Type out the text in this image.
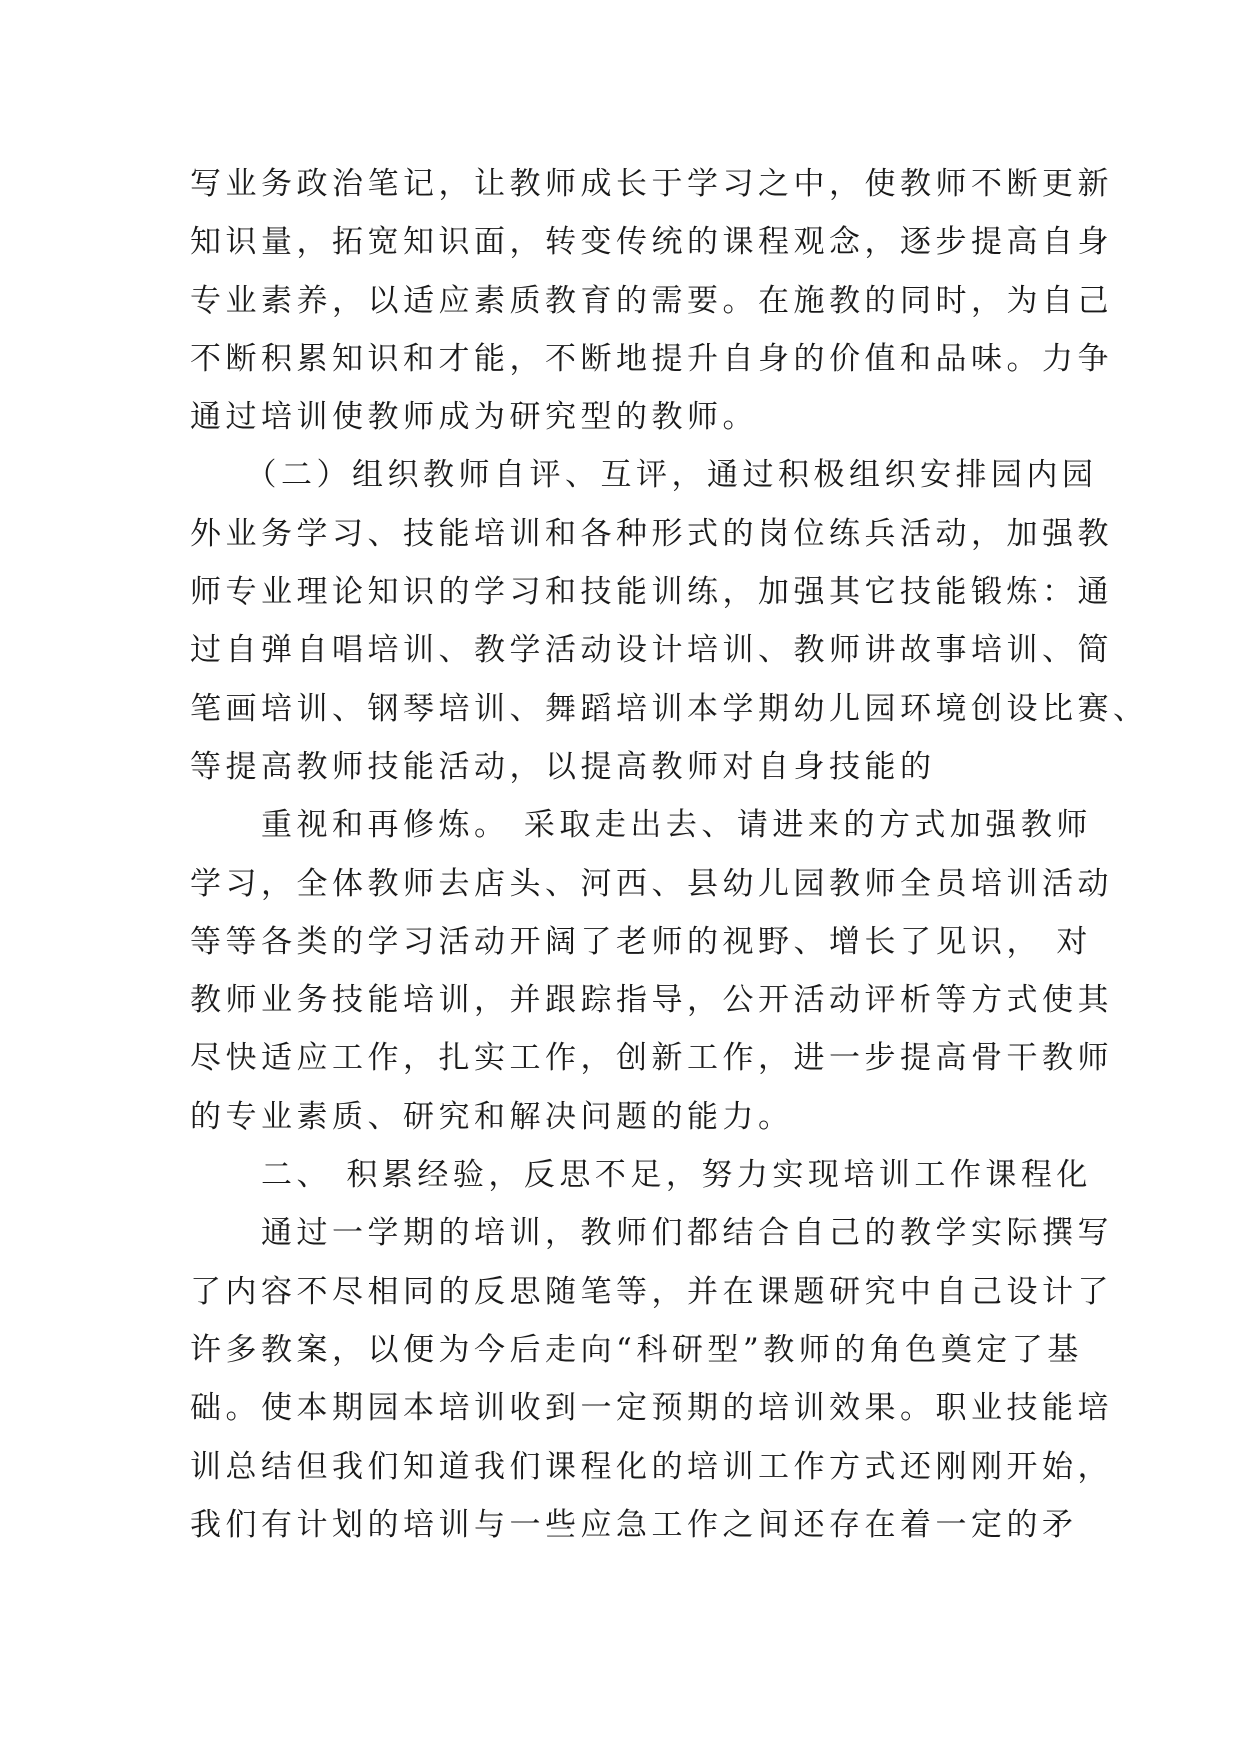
写业务政治笔记，让教师成长于学习之中，使教师不断更新
知识量，拓宽知识面，转变传统的课程观念，逐步提高自身
专业素养，以适应素质教育的需要。在施教的同时，为自己
不断积累知识和才能，不断地提升自身的价值和品味。力争
通过培训使教师成为研究型的教师。
　　（二）组织教师自评、互评，通过积极组织安排园内园
外业务学习、技能培训和各种形式的岗位练兵活动，加强教
师专业理论知识的学习和技能训练，加强其它技能锻炼：通
过自弹自唱培训、教学活动设计培训、教师讲故事培训、简
笔画培训、钢琴培训、舞蹈培训本学期幼儿园环境创设比赛、
等提高教师技能活动，以提高教师对自身技能的
　　重视和再修炼。 采取走出去、请进来的方式加强教师
学习，全体教师去店头、河西、县幼儿园教师全员培训活动
等等各类的学习活动开阔了老师的视野、增长了见识， 对
教师业务技能培训，并跟踪指导，公开活动评析等方式使其
尽快适应工作，扎实工作，创新工作，进一步提高骨干教师
的专业素质、研究和解决问题的能力。
　　二、 积累经验，反思不足，努力实现培训工作课程化
　　通过一学期的培训，教师们都结合自己的教学实际撰写
了内容不尽相同的反思随笔等，并在课题研究中自己设计了
许多教案，以便为今后走向“科研型”教师的角色奠定了基
础。使本期园本培训收到一定预期的培训效果。职业技能培
训总结但我们知道我们课程化的培训工作方式还刚刚开始，
我们有计划的培训与一些应急工作之间还存在着一定的矛
